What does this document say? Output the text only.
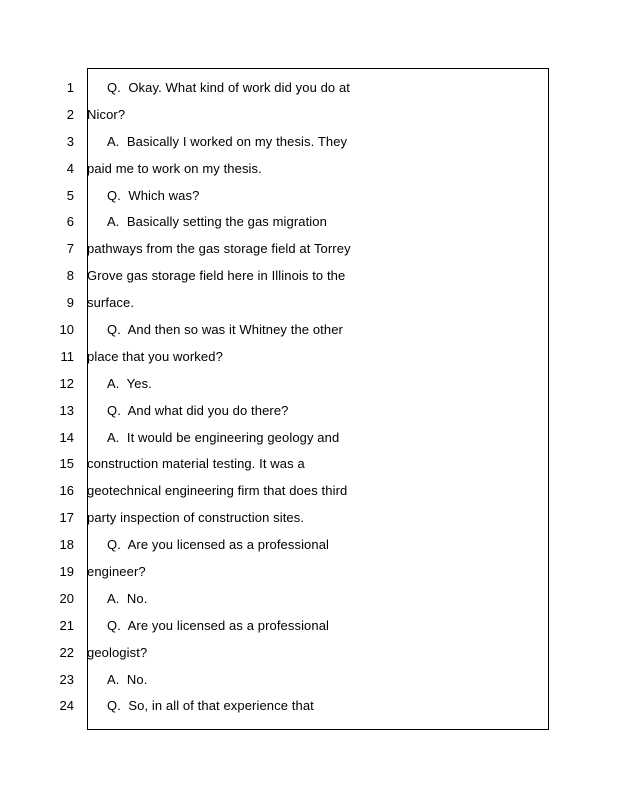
1
2
3
4
5
6
7
8
9
10
11
12
13
14
15
16
17
18
19
20
21
22
23
24
Q.  Okay. What kind of work did you do at
Nicor?
A.  Basically I worked on my thesis. They
paid me to work on my thesis.
Q.  Which was?
A.  Basically setting the gas migration
pathways from the gas storage field at Torrey
Grove gas storage field here in Illinois to the
surface.
Q.  And then so was it Whitney the other
place that you worked?
A.  Yes.
Q.  And what did you do there?
A.  It would be engineering geology and
construction material testing. It was a
geotechnical engineering firm that does third
party inspection of construction sites.
Q.  Are you licensed as a professional
engineer?
A.  No.
Q.  Are you licensed as a professional
geologist?
A.  No.
Q.  So, in all of that experience that
